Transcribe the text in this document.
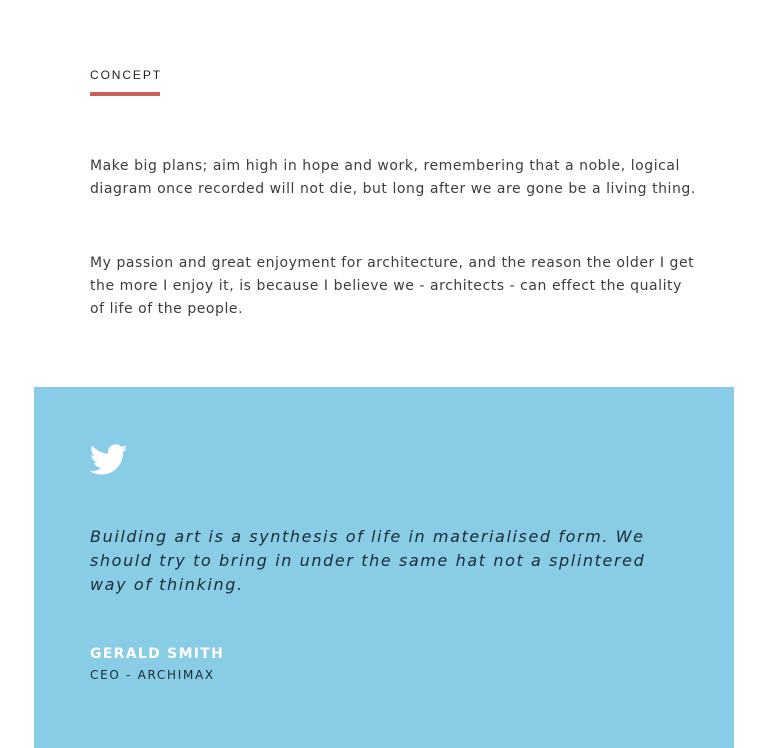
CONCEPT

Make big plans; aim high in hope and work, remembering that a noble, logical diagram once recorded will not die, but long after we are gone be a living thing.

My passion and great enjoyment for architecture, and the reason the older I get the more I enjoy it, is because I believe we - architects - can effect the quality of life of the people.

Building art is a synthesis of life in materialised form. We should try to bring in under the same hat not a splintered way of thinking.

GERALD SMITH
CEO - ARCHIMAX
